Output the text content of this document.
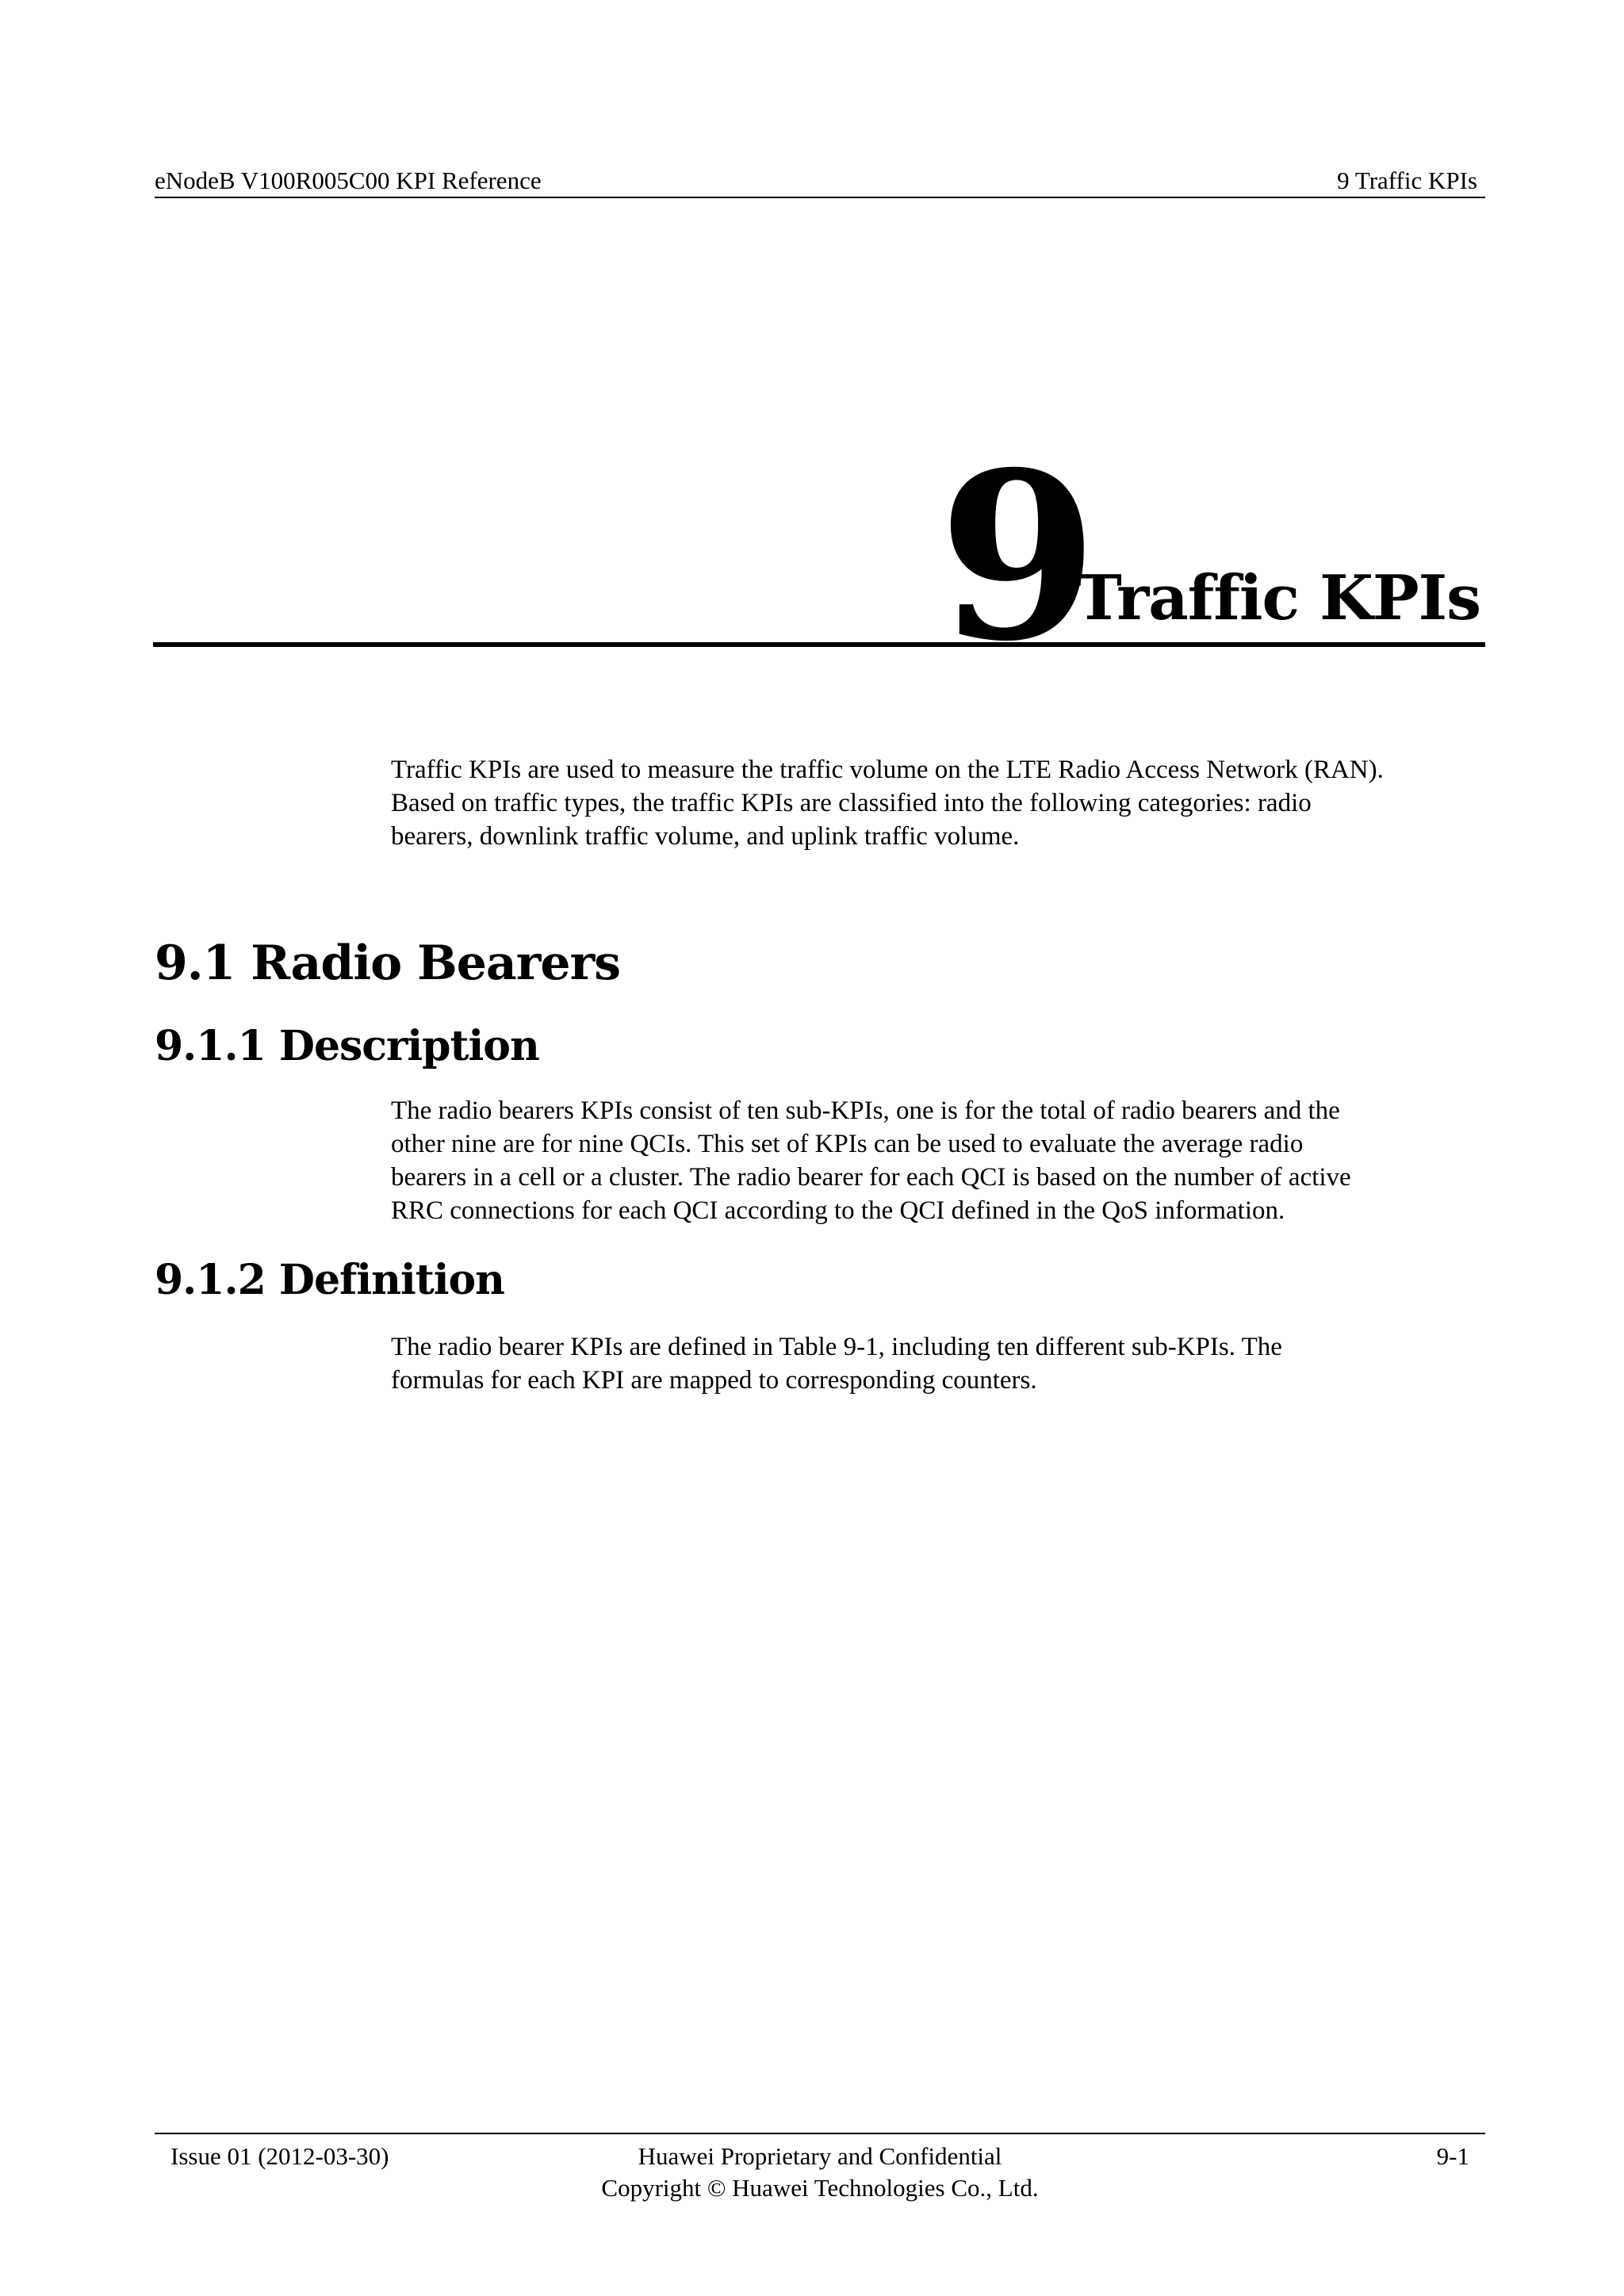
eNodeB V100R005C00 KPI Reference	9 Traffic KPIs
9
Traffic KPIs
Traffic KPIs are used to measure the traffic volume on the LTE Radio Access Network (RAN).
Based on traffic types, the traffic KPIs are classified into the following categories: radio
bearers, downlink traffic volume, and uplink traffic volume.
9.1 Radio Bearers
9.1.1 Description
The radio bearers KPIs consist of ten sub-KPIs, one is for the total of radio bearers and the
other nine are for nine QCIs. This set of KPIs can be used to evaluate the average radio
bearers in a cell or a cluster. The radio bearer for each QCI is based on the number of active
RRC connections for each QCI according to the QCI defined in the QoS information.
9.1.2 Definition
The radio bearer KPIs are defined in Table 9-1, including ten different sub-KPIs. The
formulas for each KPI are mapped to corresponding counters.
Issue 01 (2012-03-30)	Huawei Proprietary and Confidential
Copyright © Huawei Technologies Co., Ltd.
9-1
